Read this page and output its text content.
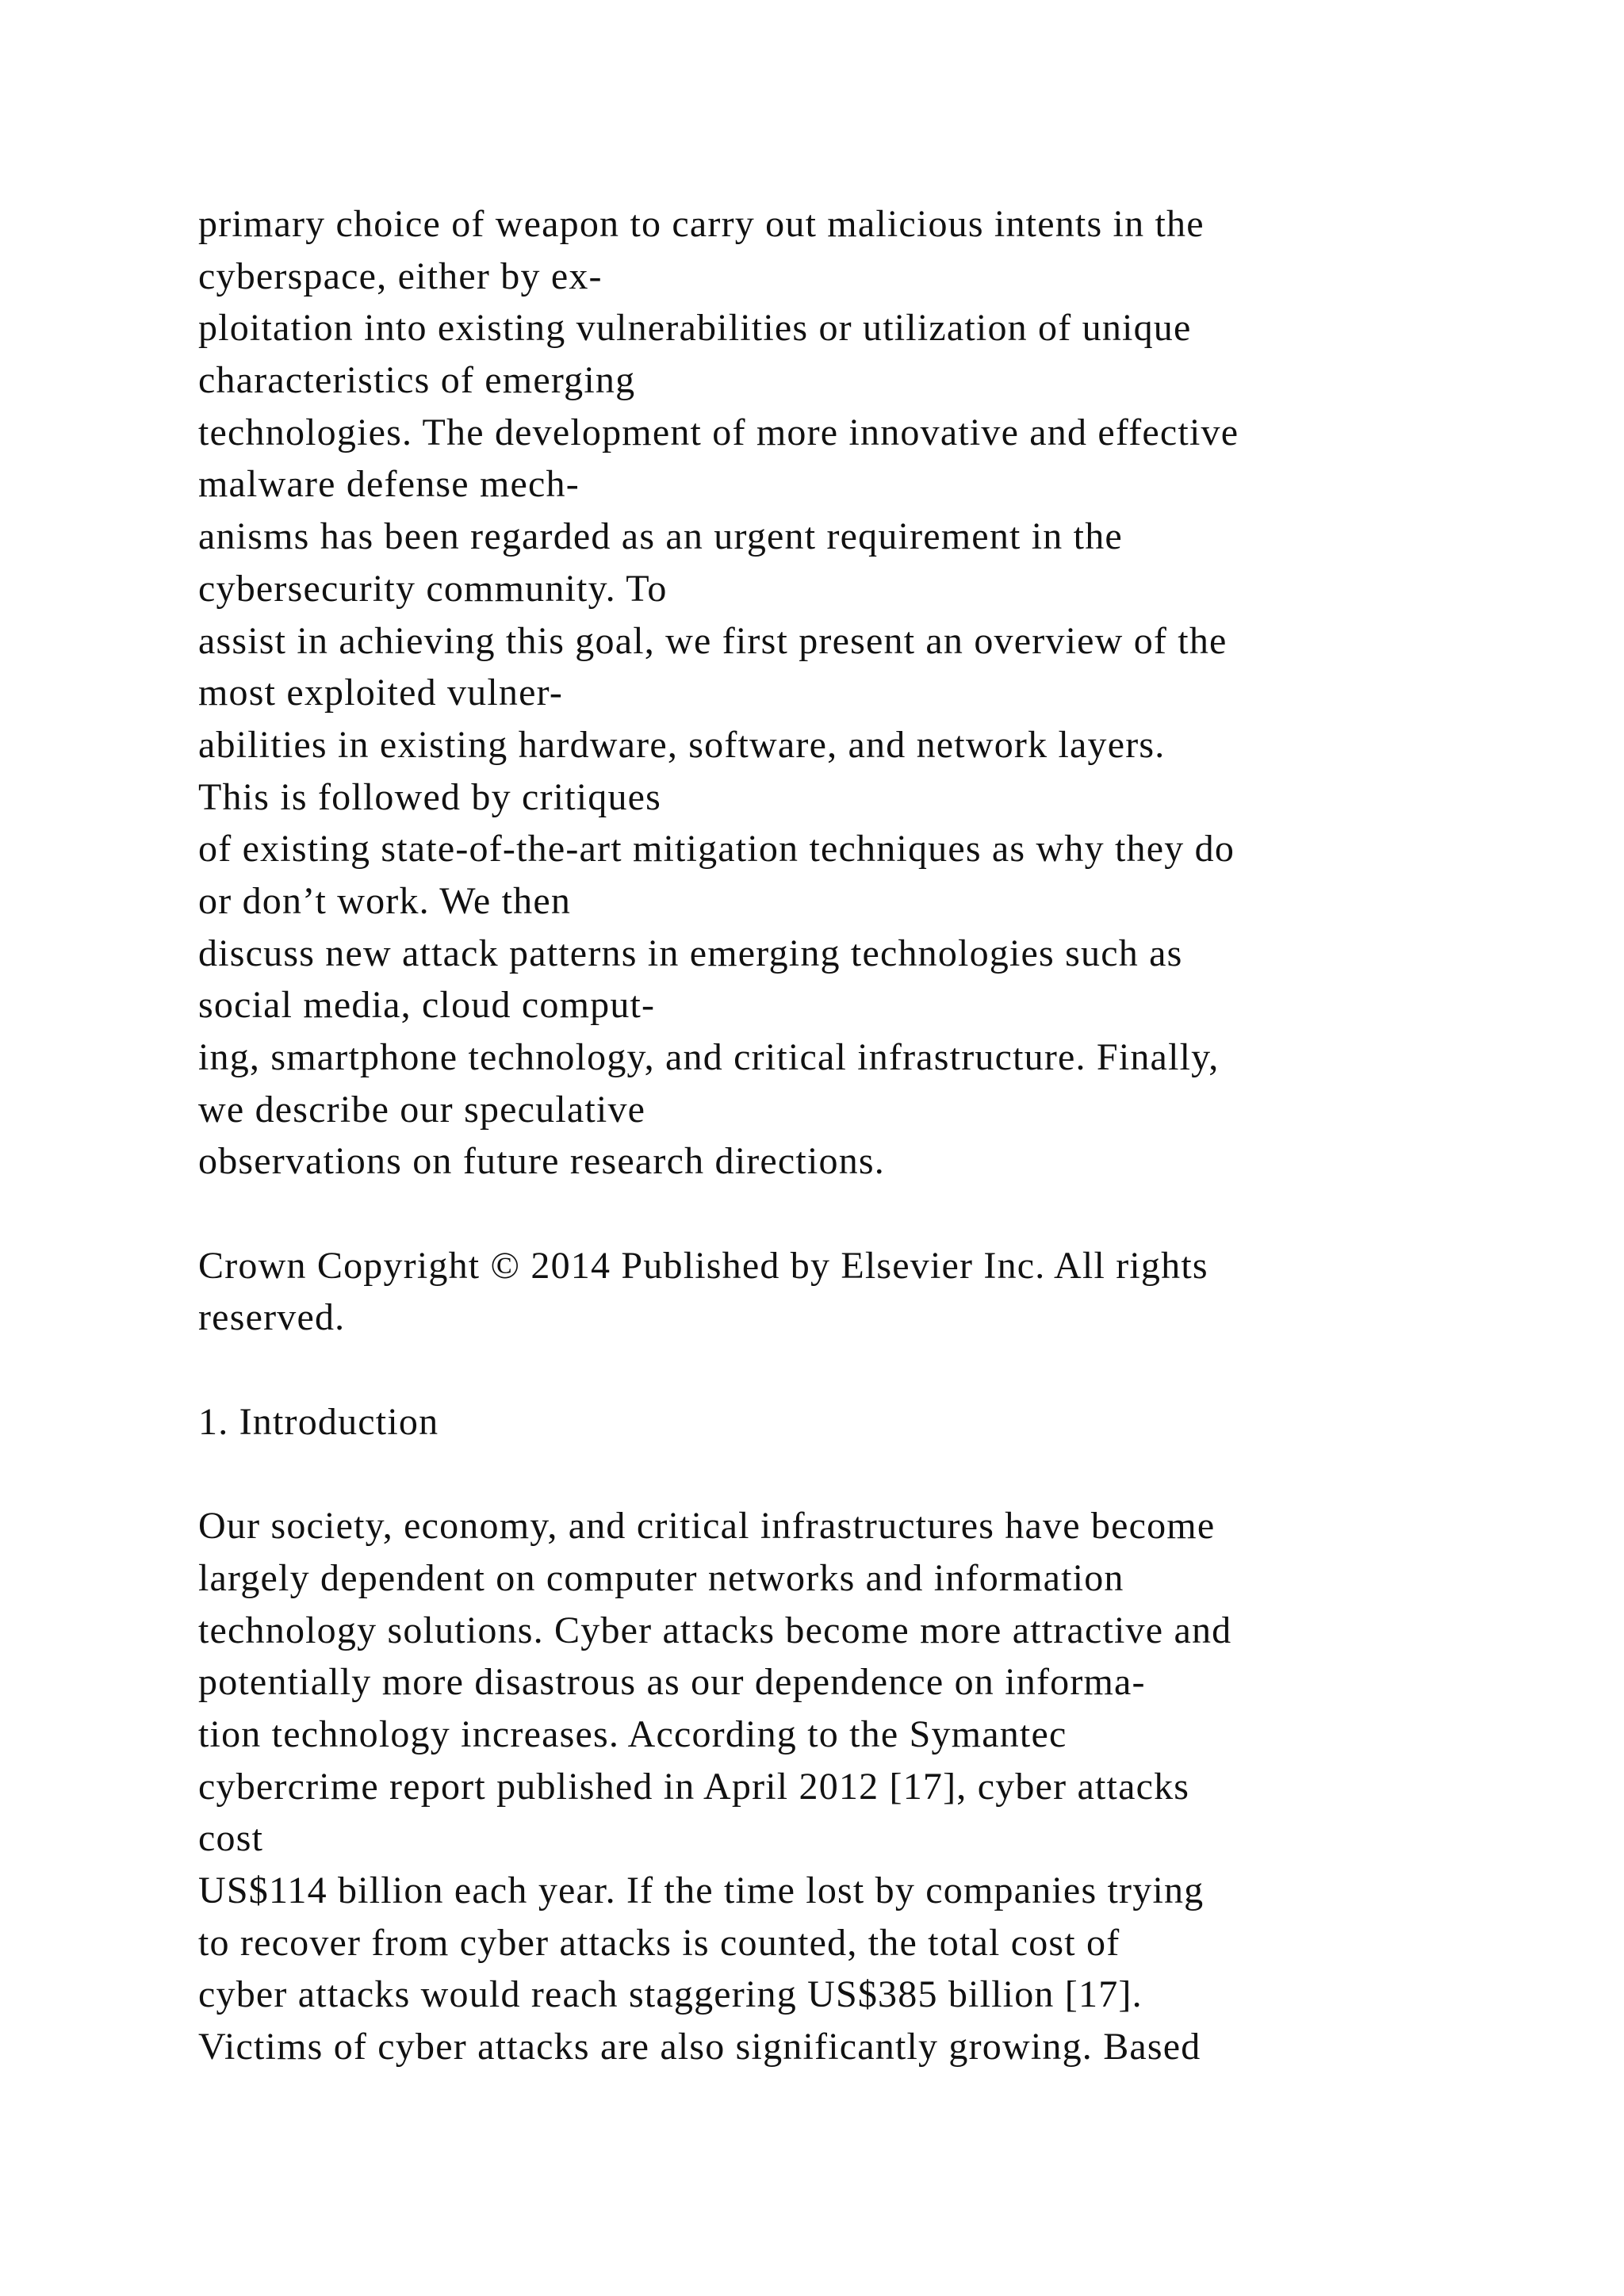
primary choice of weapon to carry out malicious intents in the
cyberspace, either by ex-
ploitation into existing vulnerabilities or utilization of unique
characteristics of emerging
technologies. The development of more innovative and effective
malware defense mech-
anisms has been regarded as an urgent requirement in the
cybersecurity community. To
assist in achieving this goal, we first present an overview of the
most exploited vulner-
abilities in existing hardware, software, and network layers.
This is followed by critiques
of existing state-of-the-art mitigation techniques as why they do
or don’t work. We then
discuss new attack patterns in emerging technologies such as
social media, cloud comput-
ing, smartphone technology, and critical infrastructure. Finally,
we describe our speculative
observations on future research directions.
Crown Copyright © 2014 Published by Elsevier Inc. All rights
reserved.
1. Introduction
Our society, economy, and critical infrastructures have become
largely dependent on computer networks and information
technology solutions. Cyber attacks become more attractive and
potentially more disastrous as our dependence on informa-
tion technology increases. According to the Symantec
cybercrime report published in April 2012 [17], cyber attacks
cost
US$114 billion each year. If the time lost by companies trying
to recover from cyber attacks is counted, the total cost of
cyber attacks would reach staggering US$385 billion [17].
Victims of cyber attacks are also significantly growing. Based
